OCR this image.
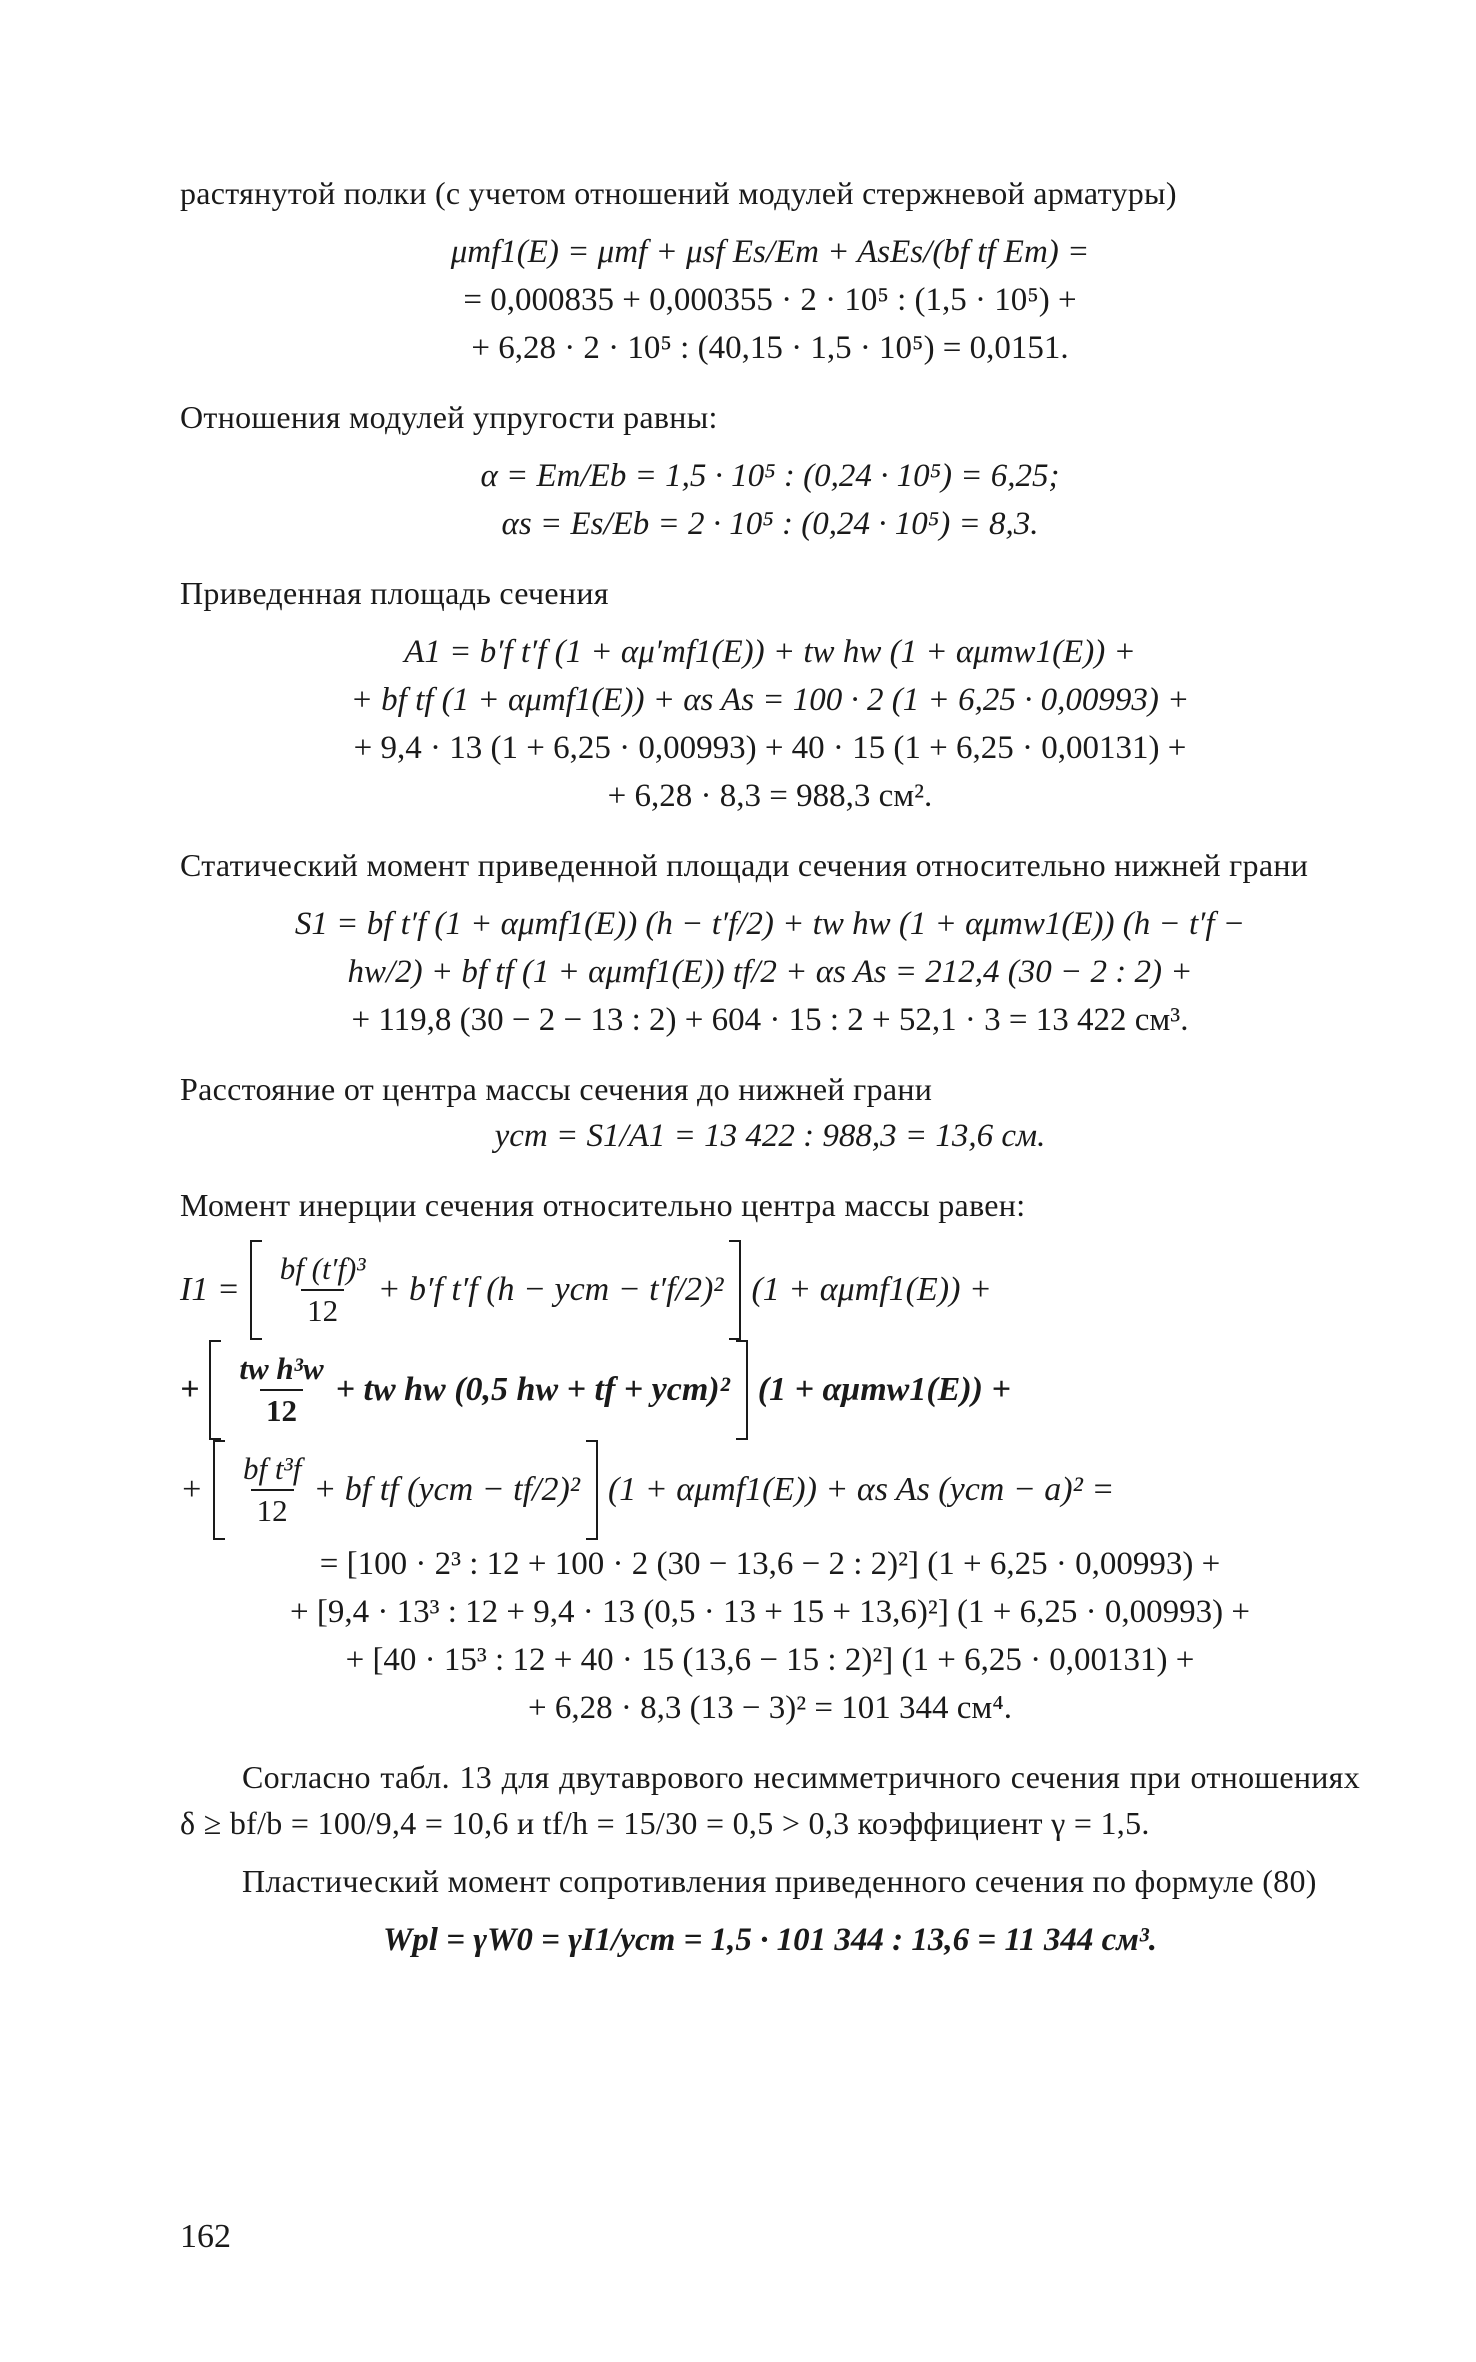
растянутой полки (с учетом отношений модулей стержневой арматуры)

μmf1(E) = μmf + μsf Es/Em + AsEs/(bf tf Em) =

= 0,000835 + 0,000355 · 2 · 10⁵ : (1,5 · 10⁵) +

+ 6,28 · 2 · 10⁵ : (40,15 · 1,5 · 10⁵) = 0,0151.

Отношения модулей упругости равны:

α = Em/Eb = 1,5 · 10⁵ : (0,24 · 10⁵) = 6,25;

αs = Es/Eb = 2 · 10⁵ : (0,24 · 10⁵) = 8,3.

Приведенная площадь сечения

A1 = b′f t′f (1 + αμ′mf1(E)) + tw hw (1 + αμmw1(E)) +

+ bf tf (1 + αμmf1(E)) + αs As = 100 · 2 (1 + 6,25 · 0,00993) +

+ 9,4 · 13 (1 + 6,25 · 0,00993) + 40 · 15 (1 + 6,25 · 0,00131) +

+ 6,28 · 8,3 = 988,3 см².

Статический момент приведенной площади сечения относительно нижней грани

S1 = bf t′f (1 + αμmf1(E)) (h − t′f/2) + tw hw (1 + αμmw1(E)) (h − t′f −

hw/2) + bf tf (1 + αμmf1(E)) tf/2 + αs As = 212,4 (30 − 2 : 2) +

+ 119,8 (30 − 2 − 13 : 2) + 604 · 15 : 2 + 52,1 · 3 = 13 422 см³.

Расстояние от центра массы сечения до нижней грани

ycm = S1/A1 = 13 422 : 988,3 = 13,6 см.

Момент инерции сечения относительно центра массы равен:

$I1 = \frac{\text{bf (t′f)³}}{12} + b'f$ t′f (h − ycm − t′f/2)² (1 + αμmf1(E)) +
+ $\frac{\text{tw h³w}}{12}$ + tw hw (0,5 hw + tf + ycm)² (1 + αμmw1(E)) +
+ $\frac{\text{bf t³f}}{12}$ + bf tf (ycm − tf/2)² (1 + αμmf1(E)) + αs As (ycm − a)² =

= [100 · 2³ : 12 + 100 · 2 (30 − 13,6 − 2 : 2)²] (1 + 6,25 · 0,00993) +

+ [9,4 · 13³ : 12 + 9,4 · 13 (0,5 · 13 + 15 + 13,6)²] (1 + 6,25 · 0,00993) +

+ [40 · 15³ : 12 + 40 · 15 (13,6 − 15 : 2)²] (1 + 6,25 · 0,00131) +

+ 6,28 · 8,3 (13 − 3)² = 101 344 см⁴.

Согласно табл. 13 для двутаврового несимметричного сечения при отношениях δ ≥ bf/b = 100/9,4 = 10,6 и tf/h = 15/30 = 0,5 > 0,3 коэффициент γ = 1,5.

Пластический момент сопротивления приведенного сечения по формуле (80)

Wpl = γW0 = γI1/ycm = 1,5 · 101 344 : 13,6 = 11 344 см³.

162
